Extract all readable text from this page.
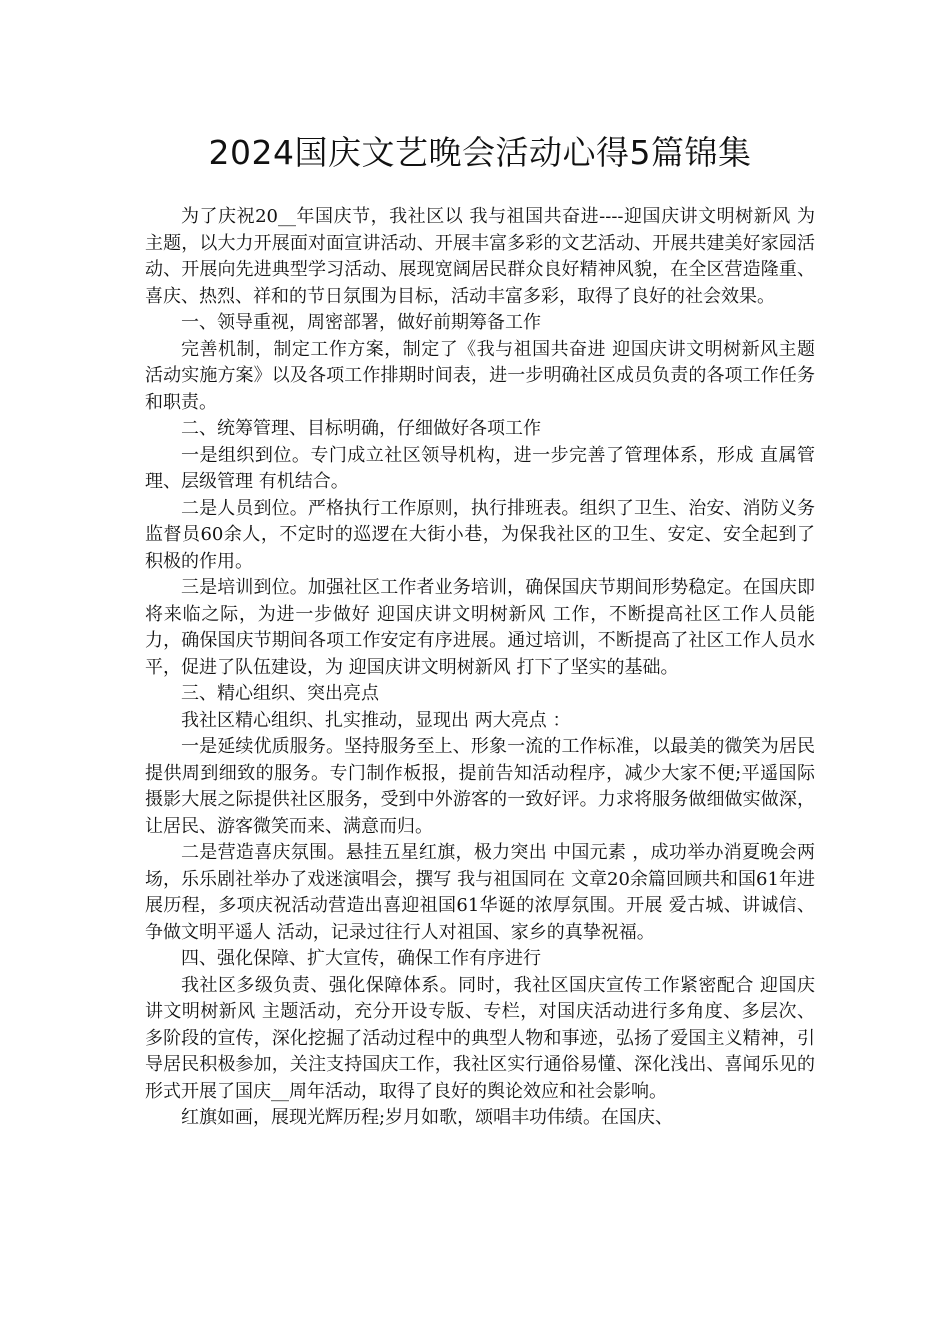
2024国庆文艺晚会活动心得5篇锦集

为了庆祝20__年国庆节，我社区以 我与祖国共奋进----迎国庆讲文明树新风 为主题，以大力开展面对面宣讲活动、开展丰富多彩的文艺活动、开展共建美好家园活动、开展向先进典型学习活动、展现宽阔居民群众良好精神风貌，在全区营造隆重、喜庆、热烈、祥和的节日氛围为目标，活动丰富多彩，取得了良好的社会效果。

一、领导重视，周密部署，做好前期筹备工作

完善机制，制定工作方案，制定了《我与祖国共奋进 迎国庆讲文明树新风主题活动实施方案》以及各项工作排期时间表，进一步明确社区成员负责的各项工作任务和职责。

二、统筹管理、目标明确，仔细做好各项工作

一是组织到位。专门成立社区领导机构，进一步完善了管理体系，形成 直属管理、层级管理 有机结合。

二是人员到位。严格执行工作原则，执行排班表。组织了卫生、治安、消防义务监督员60余人，不定时的巡逻在大街小巷，为保我社区的卫生、安定、安全起到了积极的作用。

三是培训到位。加强社区工作者业务培训，确保国庆节期间形势稳定。在国庆即将来临之际，为进一步做好 迎国庆讲文明树新风 工作，不断提高社区工作人员能力，确保国庆节期间各项工作安定有序进展。通过培训，不断提高了社区工作人员水平，促进了队伍建设，为 迎国庆讲文明树新风 打下了坚实的基础。

三、精心组织、突出亮点

我社区精心组织、扎实推动，显现出 两大亮点 ：

一是延续优质服务。坚持服务至上、形象一流的工作标准，以最美的微笑为居民提供周到细致的服务。专门制作板报，提前告知活动程序，减少大家不便;平遥国际摄影大展之际提供社区服务，受到中外游客的一致好评。力求将服务做细做实做深，让居民、游客微笑而来、满意而归。

二是营造喜庆氛围。悬挂五星红旗，极力突出 中国元素 ，成功举办消夏晚会两场，乐乐剧社举办了戏迷演唱会，撰写 我与祖国同在 文章20余篇回顾共和国61年进展历程，多项庆祝活动营造出喜迎祖国61华诞的浓厚氛围。开展 爱古城、讲诚信、争做文明平遥人 活动，记录过往行人对祖国、家乡的真挚祝福。

四、强化保障、扩大宣传，确保工作有序进行

我社区多级负责、强化保障体系。同时，我社区国庆宣传工作紧密配合 迎国庆讲文明树新风 主题活动，充分开设专版、专栏，对国庆活动进行多角度、多层次、多阶段的宣传，深化挖掘了活动过程中的典型人物和事迹，弘扬了爱国主义精神，引导居民积极参加，关注支持国庆工作，我社区实行通俗易懂、深化浅出、喜闻乐见的形式开展了国庆__周年活动，取得了良好的舆论效应和社会影响。

红旗如画，展现光辉历程;岁月如歌，颂唱丰功伟绩。在国庆、
